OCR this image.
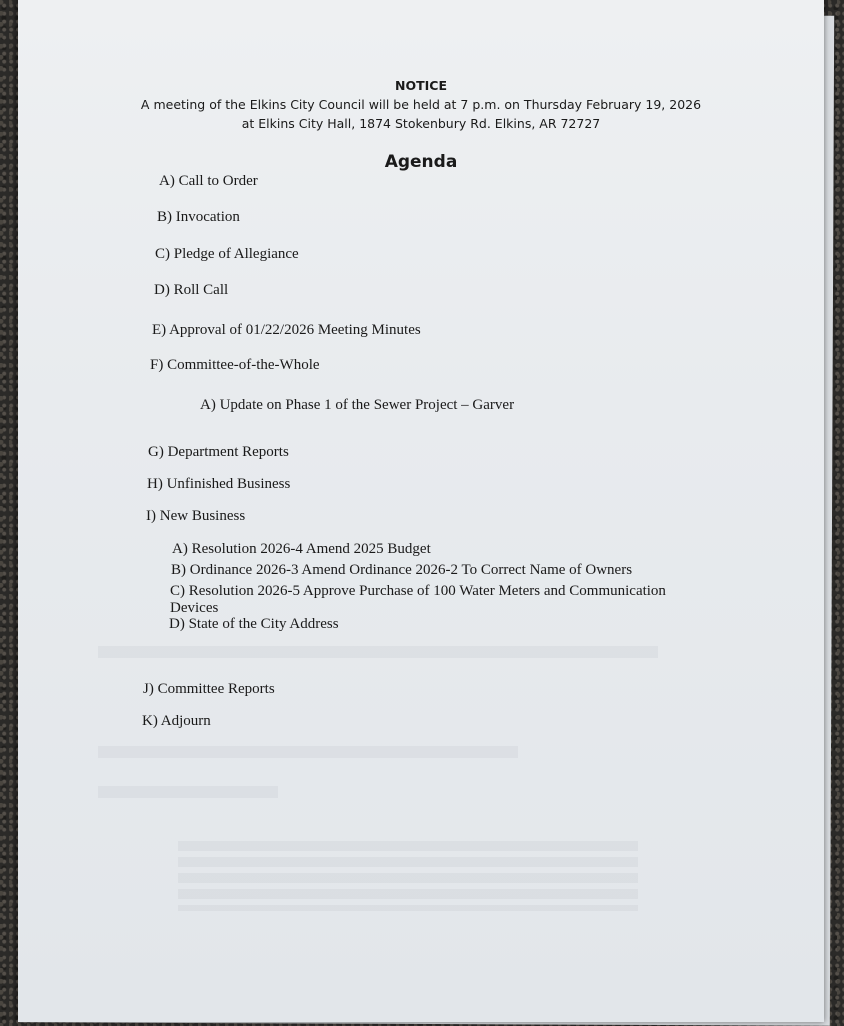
NOTICE
A meeting of the Elkins City Council will be held at 7 p.m. on Thursday February 19, 2026
at Elkins City Hall, 1874 Stokenbury Rd. Elkins, AR 72727
Agenda
A) Call to Order
B) Invocation
C) Pledge of Allegiance
D) Roll Call
E) Approval of 01/22/2026 Meeting Minutes
F) Committee-of-the-Whole
A) Update on Phase 1 of the Sewer Project – Garver
G) Department Reports
H) Unfinished Business
I) New Business
A) Resolution 2026-4 Amend 2025 Budget
B) Ordinance 2026-3 Amend Ordinance 2026-2 To Correct Name of Owners
C) Resolution 2026-5 Approve Purchase of 100 Water Meters and Communication Devices
D) State of the City Address
J) Committee Reports
K) Adjourn
